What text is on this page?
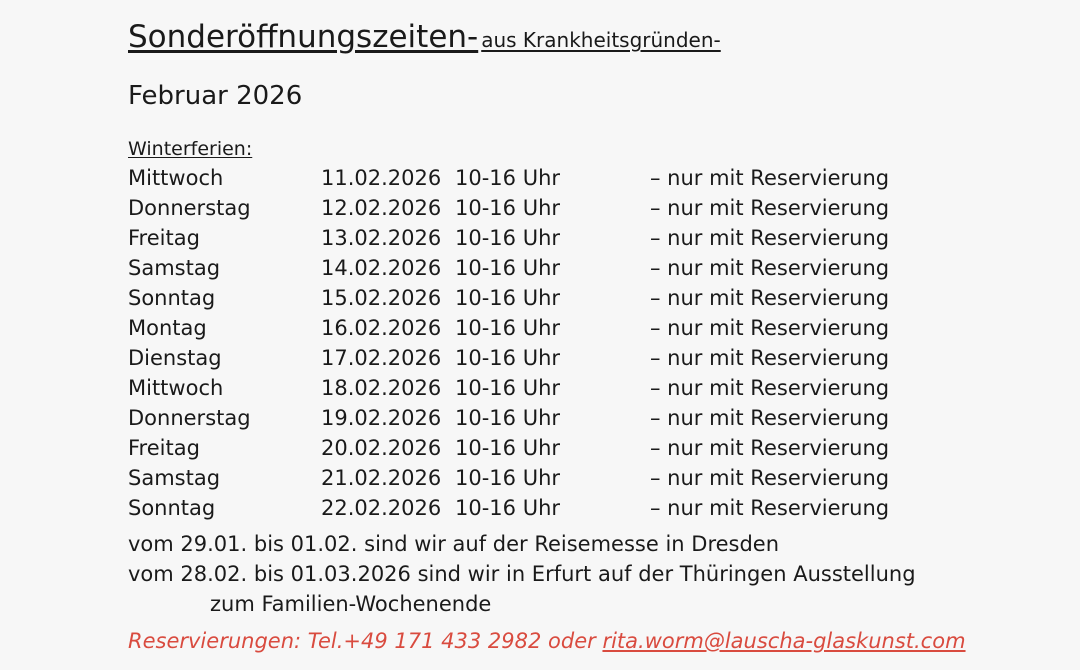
Sonderöffnungszeiten- aus Krankheitsgründen-
Februar 2026
Winterferien:
Mittwoch	11.02.2026	10-16 Uhr	– nur mit Reservierung
Donnerstag	12.02.2026	10-16 Uhr	– nur mit Reservierung
Freitag	13.02.2026	10-16 Uhr	– nur mit Reservierung
Samstag	14.02.2026	10-16 Uhr	– nur mit Reservierung
Sonntag	15.02.2026	10-16 Uhr	– nur mit Reservierung
Montag	16.02.2026	10-16 Uhr	– nur mit Reservierung
Dienstag	17.02.2026	10-16 Uhr	– nur mit Reservierung
Mittwoch	18.02.2026	10-16 Uhr	– nur mit Reservierung
Donnerstag	19.02.2026	10-16 Uhr	– nur mit Reservierung
Freitag	20.02.2026	10-16 Uhr	– nur mit Reservierung
Samstag	21.02.2026	10-16 Uhr	– nur mit Reservierung
Sonntag	22.02.2026	10-16 Uhr	– nur mit Reservierung
vom 29.01. bis 01.02. sind wir auf der Reisemesse in Dresden
vom 28.02. bis 01.03.2026 sind wir in Erfurt auf der Thüringen Ausstellung
zum Familien-Wochenende
Reservierungen: Tel.+49 171 433 2982 oder rita.worm@lauscha-glaskunst.com
